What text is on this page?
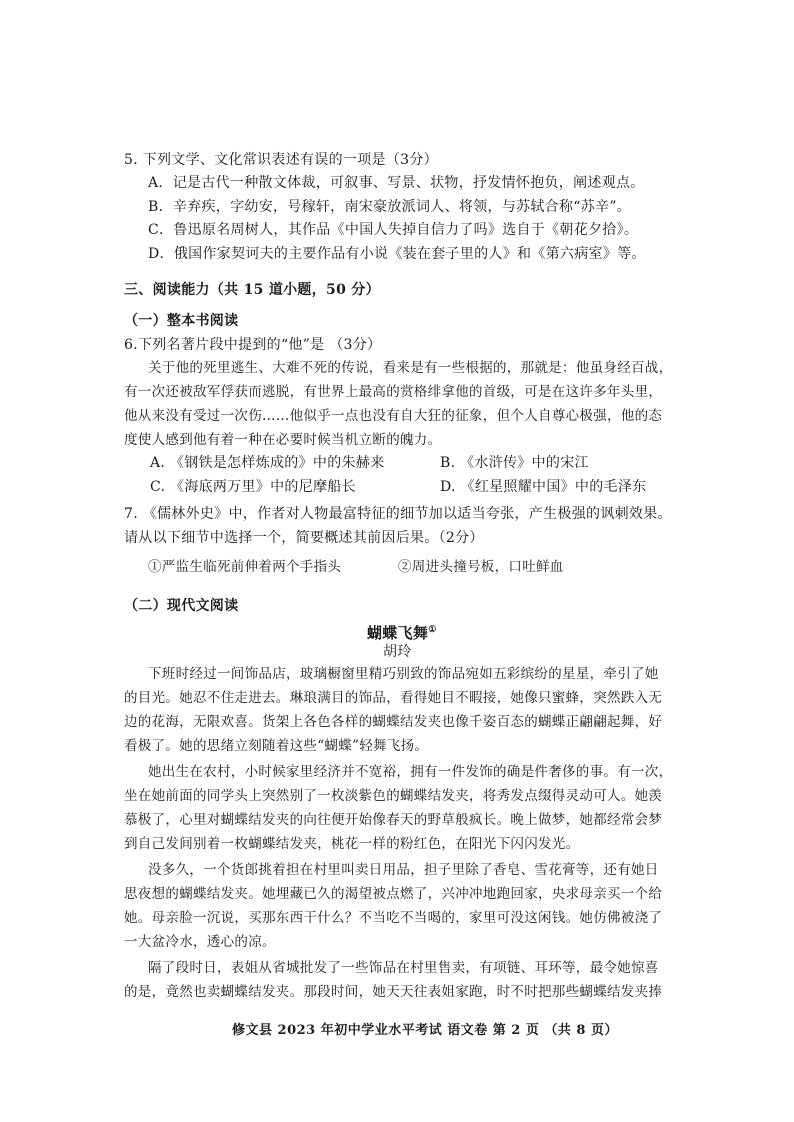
5. 下列文学、文化常识表述有误的一项是（3分）
A．记是古代一种散文体裁，可叙事、写景、状物，抒发情怀抱负，阐述观点。
B．辛弃疾，字幼安，号稼轩，南宋豪放派词人、将领，与苏轼合称“苏辛”。
C．鲁迅原名周树人，其作品《中国人失掉自信力了吗》选自于《朝花夕拾》。
D．俄国作家契诃夫的主要作品有小说《装在套子里的人》和《第六病室》等。
三、阅读能力（共 15 道小题，50 分）
（一）整本书阅读
6.下列名著片段中提到的“他”是 （3分）
关于他的死里逃生、大难不死的传说，看来是有一些根据的，那就是：他虽身经百战，
有一次还被敌军俘获而逃脱，有世界上最高的赏格绯拿他的首级，可是在这许多年头里，
他从来没有受过一次伤……他似乎一点也没有自大狂的征象，但个人自尊心极强，他的态
度使人感到他有着一种在必要时候当机立断的魄力。
A. 《钢铁是怎样炼成的》中的朱赫来	B. 《水浒传》中的宋江
C. 《海底两万里》中的尼摩船长	D. 《红星照耀中国》中的毛泽东
7. 《儒林外史》中，作者对人物最富特征的细节加以适当夸张，产生极强的讽刺效果。
请从以下细节中选择一个，简要概述其前因后果。（2分）
①严监生临死前伸着两个手指头	②周进头撞号板，口吐鲜血
（二）现代文阅读
蝴蝶飞舞①
胡玲
下班时经过一间饰品店，玻璃橱窗里精巧别致的饰品宛如五彩缤纷的星星，牵引了她
的目光。她忍不住走进去。琳琅满目的饰品，看得她目不暇接，她像只蜜蜂，突然跌入无
边的花海，无限欢喜。货架上各色各样的蝴蝶结发夹也像千姿百态的蝴蝶正翩翩起舞，好
看极了。她的思绪立刻随着这些“蝴蝶”轻舞飞扬。
她出生在农村，小时候家里经济并不宽裕，拥有一件发饰的确是件奢侈的事。有一次，
坐在她前面的同学头上突然别了一枚淡紫色的蝴蝶结发夹，将秀发点缀得灵动可人。她羡
慕极了，心里对蝴蝶结发夹的向往便开始像春天的野草般疯长。晚上做梦，她都经常会梦
到自己发间别着一枚蝴蝶结发夹，桃花一样的粉红色，在阳光下闪闪发光。
没多久，一个货郎挑着担在村里叫卖日用品，担子里除了香皂、雪花膏等，还有她日
思夜想的蝴蝶结发夹。她埋藏已久的渴望被点燃了，兴冲冲地跑回家，央求母亲买一个给
她。母亲脸一沉说，买那东西干什么？不当吃不当喝的，家里可没这闲钱。她仿佛被浇了
一大盆冷水，透心的凉。
隔了段时日，表姐从省城批发了一些饰品在村里售卖，有项链、耳环等，最令她惊喜
的是，竟然也卖蝴蝶结发夹。那段时间，她天天往表姐家跑，时不时把那些蝴蝶结发夹捧
修文县 2023 年初中学业水平考试 语文卷 第 2 页 （共 8 页）
